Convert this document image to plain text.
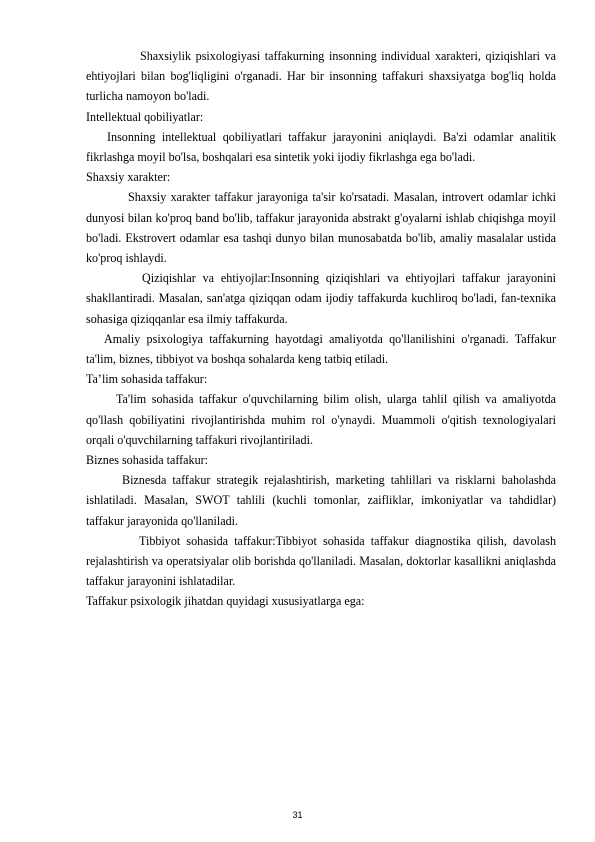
Shaxsiylik psixologiyasi taffakurning insonning individual xarakteri, qiziqishlari va ehtiyojlari bilan bog'liqligini o'rganadi. Har bir insonning taffakuri shaxsiyatga bog'liq holda turlicha namoyon bo'ladi.

Intellektual qobiliyatlar:

Insonning intellektual qobiliyatlari taffakur jarayonini aniqlaydi. Ba'zi odamlar analitik fikrlashga moyil bo'lsa, boshqalari esa sintetik yoki ijodiy fikrlashga ega bo'ladi.

Shaxsiy xarakter:

Shaxsiy xarakter taffakur jarayoniga ta'sir ko'rsatadi. Masalan, introvert odamlar ichki dunyosi bilan ko'proq band bo'lib, taffakur jarayonida abstrakt g'oyalarni ishlab chiqishga moyil bo'ladi. Ekstrovert odamlar esa tashqi dunyo bilan munosabatda bo'lib, amaliy masalalar ustida ko'proq ishlaydi.

Qiziqishlar va ehtiyojlar:Insonning qiziqishlari va ehtiyojlari taffakur jarayonini shakllantiradi. Masalan, san'atga qiziqqan odam ijodiy taffakurda kuchliroq bo'ladi, fan-texnika sohasiga qiziqqanlar esa ilmiy taffakurda.

Amaliy psixologiya taffakurning hayotdagi amaliyotda qo'llanilishini o'rganadi. Taffakur ta'lim, biznes, tibbiyot va boshqa sohalarda keng tatbiq etiladi.

Ta’lim sohasida taffakur:

Ta'lim sohasida taffakur o'quvchilarning bilim olish, ularga tahlil qilish va amaliyotda qo'llash qobiliyatini rivojlantirishda muhim rol o'ynaydi. Muammoli o'qitish texnologiyalari orqali o'quvchilarning taffakuri rivojlantiriladi.

Biznes sohasida taffakur:

Biznesda taffakur strategik rejalashtirish, marketing tahlillari va risklarni baholashda ishlatiladi. Masalan, SWOT tahlili (kuchli tomonlar, zaifliklar, imkoniyatlar va tahdidlar) taffakur jarayonida qo'llaniladi.

Tibbiyot sohasida taffakur:Tibbiyot sohasida taffakur diagnostika qilish, davolash rejalashtirish va operatsiyalar olib borishda qo'llaniladi. Masalan, doktorlar kasallikni aniqlashda taffakur jarayonini ishlatadilar.

Taffakur psixologik jihatdan quyidagi xususiyatlarga ega:

31
